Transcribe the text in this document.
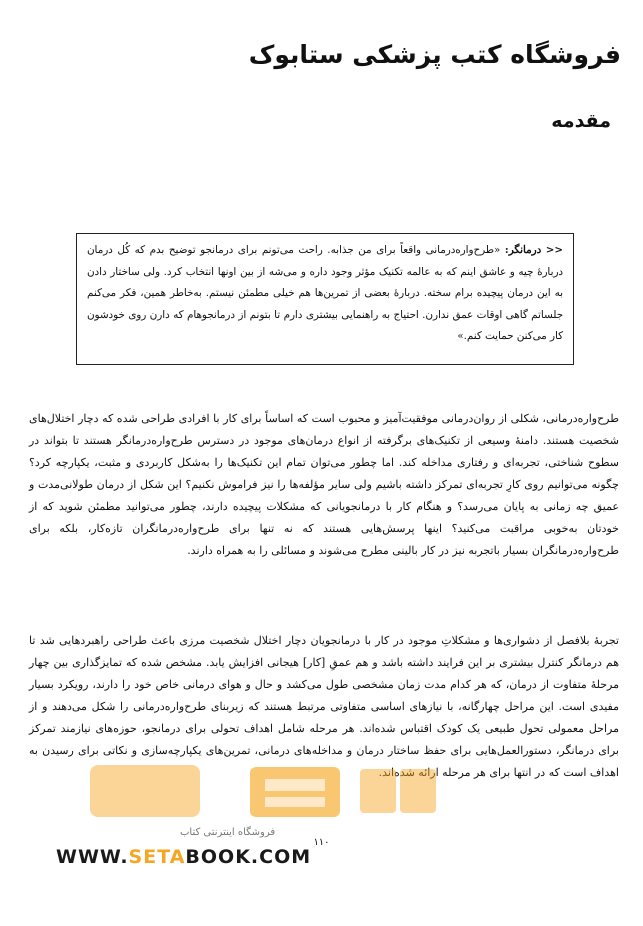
فروشگاه کتب پزشکی ستابوک
مقدمه
<< درمانگر: «طرح‌واره‌درمانی واقعاً برای من جذابه. راحت می‌تونم برای درمانجو توضیح بدم که کُل درمان دربارهٔ چیه و عاشق اینم که به عالمه تکنیک مؤثر وجود داره و می‌شه از بین اونها انتخاب کرد. ولی ساختار دادن به این درمان پیچیده برام سخته. دربارهٔ بعضی از تمرین‌ها هم خیلی مطمئن نیستم. به‌خاطر همین، فکر می‌کنم جلساتم گاهی اوقات عمق ندارن. احتیاج به راهنمایی بیشتری دارم تا بتونم از درمانجوهام که دارن روی خودشون کار می‌کنن حمایت کنم.»
طرح‌واره‌درمانی، شکلی از روان‌درمانی موفقیت‌آمیز و محبوب است که اساساً برای کار با افرادی طراحی شده که دچار اختلال‌های شخصیت هستند. دامنهٔ وسیعی از تکنیک‌های برگرفته از انواع درمان‌های موجود در دسترس طرح‌واره‌درمانگر هستند تا بتواند در سطوح شناختی، تجربه‌ای و رفتاری مداخله کند. اما چطور می‌توان تمام این تکنیک‌ها را به‌شکل کاربردی و مثبت، یکپارچه کرد؟ چگونه می‌توانیم روی کارِ تجربه‌ای تمرکز داشته باشیم ولی سایر مؤلفه‌ها را نیز فراموش نکنیم؟ این شکل از درمان طولانی‌مدت و عمیق چه زمانی به پایان می‌رسد؟ و هنگام کار با درمانجویانی که مشکلات پیچیده دارند، چطور می‌توانید مطمئن شوید که از خودتان به‌خوبی مراقبت می‌کنید؟ اینها پرسش‌هایی هستند که نه تنها برای طرح‌واره‌درمانگران تازه‌کار، بلکه برای طرح‌واره‌درمانگران بسیار باتجربه نیز در کار بالینی مطرح می‌شوند و مسائلی را به همراه دارند.
تجربهٔ بلافصل از دشواری‌ها و مشکلاتِ موجود در کار با درمانجویان دچار اختلال شخصیت مرزی باعث طراحی راهبردهایی شد تا هم درمانگر کنترل بیشتری بر این فرایند داشته باشد و هم عمقِ [کار] هیجانی افزایش یابد. مشخص شده که تمایزگذاری بین چهار مرحلهٔ متفاوت از درمان، که هر کدام مدت زمان مشخصی طول می‌کشد و حال و هوای درمانی خاص خود را دارند، رویکرد بسیار مفیدی است. این مراحل چهارگانه، با نیازهای اساسی متفاوتی مرتبط هستند که زیربنای طرح‌واره‌درمانی را شکل می‌دهند و از مراحل معمولی تحول طبیعی یک کودک اقتباس شده‌اند. هر مرحله شامل اهداف تحولی برای درمانجو، حوزه‌های نیازمند تمرکز برای درمانگر، دستورالعمل‌هایی برای حفظ ساختار درمان و مداخله‌های درمانی، تمرین‌های یکپارچه‌سازی و نکاتی برای رسیدن به اهداف است که در انتها برای هر مرحله ارائه شده‌اند.
فروشگاه اینترنتی کتاب
۱۱۰
WWW.SETABOOK.COM
